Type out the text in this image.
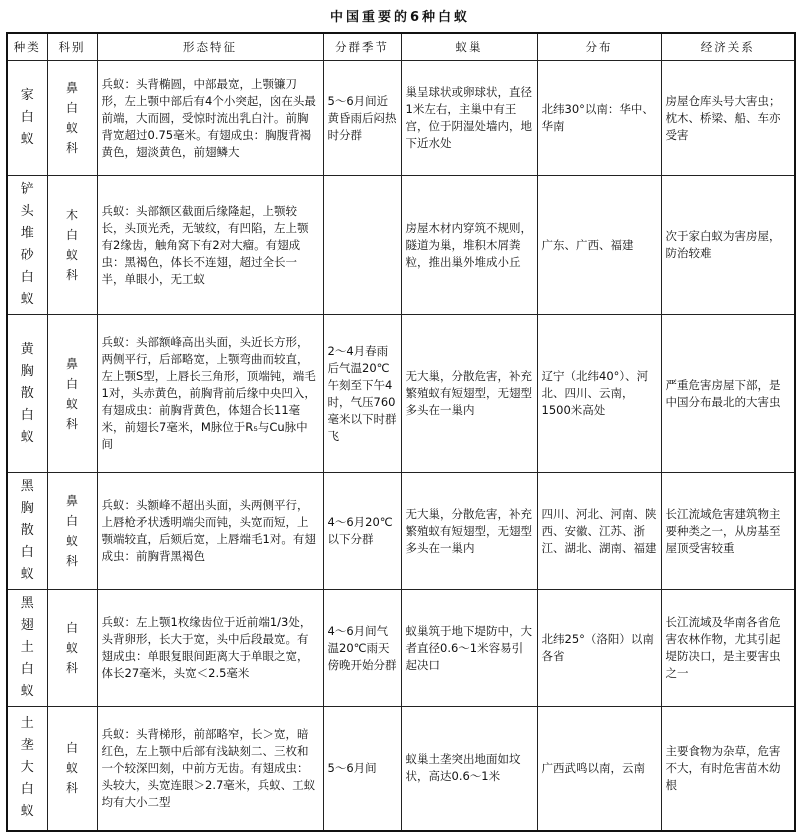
中国重要的6种白蚁
种类	科别	形态特征	分群季节	蚁巢	分布	经济关系

家白蚁	鼻白蚁科	兵蚁：头背椭圆，中部最宽，上颚镰刀形，左上颚中部后有4个小突起，囟在头最前端，大而圆，受惊时流出乳白汁。前胸背宽超过0.75毫米。有翅成虫：胸腹背褐黄色，翅淡黄色，前翅鳞大	5～6月间近黄昏雨后闷热时分群	巢呈球状或卵球状，直径1米左右，主巢中有王宫，位于阴湿处墙内，地下近水处	北纬30°以南：华中、华南	房屋仓库头号大害虫；枕木、桥梁、船、车亦受害

铲头堆砂白蚁	木白蚁科	兵蚁：头部额区截面后缘隆起，上颚较长，头顶光秃，无皱纹，有凹陷，左上颚有2缘齿，触角窝下有2对大瘤。有翅成虫：黑褐色，体长不连翅，超过全长一半，单眼小，无工蚁		房屋木材内穿筑不规则，隧道为巢，堆积木屑粪粒，推出巢外堆成小丘	广东、广西、福建	次于家白蚁为害房屋，防治较难

黄胸散白蚁	鼻白蚁科	兵蚁：头部额峰高出头面，头近长方形，两侧平行，后部略宽，上颚弯曲而较直，左上颚S型，上唇长三角形，顶端钝，端毛1对，头赤黄色，前胸背前后缘中央凹入，有翅成虫：前胸背黄色，体翅合长11毫米，前翅长7毫米，M脉位于R₅与Cu脉中间	2～4月春雨后气温20℃午刻至下午4时，气压760毫米以下时群飞	无大巢，分散危害，补充繁殖蚁有短翅型，无翅型多头在一巢内	辽宁（北纬40°）、河北、四川、云南，1500米高处	严重危害房屋下部，是中国分布最北的大害虫

黑胸散白蚁	鼻白蚁科	兵蚁：头额峰不超出头面，头两侧平行，上唇枪矛状透明端尖而钝，头宽而短，上颚端较直，后颏后宽，上唇端毛1对。有翅成虫：前胸背黑褐色	4～6月20℃以下分群	无大巢，分散危害，补充繁殖蚁有短翅型，无翅型多头在一巢内	四川、河北、河南、陕西、安徽、江苏、浙江、湖北、湖南、福建	长江流域危害建筑物主要种类之一，从房基至屋顶受害较重

黑翅土白蚁	白蚁科	兵蚁：左上颚1枚缘齿位于近前端1/3处，头背卵形，长大于宽，头中后段最宽。有翅成虫：单眼复眼间距离大于单眼之宽，体长27毫米，头宽＜2.5毫米	4～6月间气温20℃雨天傍晚开始分群	蚁巢筑于地下堤防中，大者直径0.6～1米容易引起决口	北纬25°（洛阳）以南各省	长江流域及华南各省危害农林作物，尤其引起堤防决口，是主要害虫之一

土垄大白蚁	白蚁科	兵蚁：头背梯形，前部略窄，长＞宽，暗红色，左上颚中后部有浅缺刻二、三枚和一个较深凹刻，中前方无齿。有翅成虫：头较大，头宽连眼＞2.7毫米，兵蚁、工蚁均有大小二型	5～6月间	蚁巢土垄突出地面如坟状，高达0.6～1米	广西武鸣以南，云南	主要食物为杂草，危害不大，有时危害苗木幼根
